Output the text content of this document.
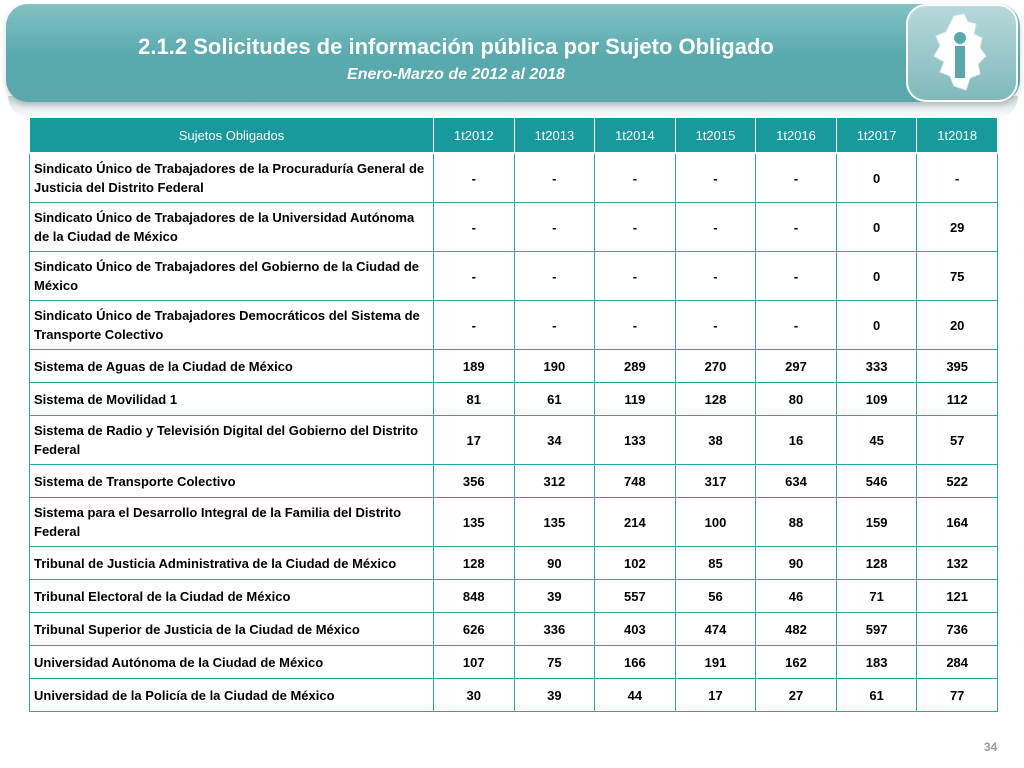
2.1.2 Solicitudes de información pública por Sujeto Obligado

Enero-Marzo de 2012 al 2018

Sujetos Obligados	1t2012	1t2013	1t2014	1t2015	1t2016	1t2017	1t2018
Sindicato Único de Trabajadores de la Procuraduría General de Justicia del Distrito Federal	-	-	-	-	-	0	-
Sindicato Único de Trabajadores de la Universidad Autónoma de la Ciudad de México	-	-	-	-	-	0	29
Sindicato Único de Trabajadores del Gobierno de la Ciudad de México	-	-	-	-	-	0	75
Sindicato Único de Trabajadores Democráticos del Sistema de Transporte Colectivo	-	-	-	-	-	0	20
Sistema de Aguas de la Ciudad de México	189	190	289	270	297	333	395
Sistema de Movilidad 1	81	61	119	128	80	109	112
Sistema de Radio y Televisión Digital del Gobierno del Distrito Federal	17	34	133	38	16	45	57
Sistema de Transporte Colectivo	356	312	748	317	634	546	522
Sistema para el Desarrollo Integral de la Familia del Distrito Federal	135	135	214	100	88	159	164
Tribunal de Justicia Administrativa de la Ciudad de México	128	90	102	85	90	128	132
Tribunal Electoral de la Ciudad de México	848	39	557	56	46	71	121
Tribunal Superior de Justicia de la Ciudad de México	626	336	403	474	482	597	736
Universidad Autónoma de la Ciudad de México	107	75	166	191	162	183	284
Universidad de la Policía de la Ciudad de México	30	39	44	17	27	61	77
34
